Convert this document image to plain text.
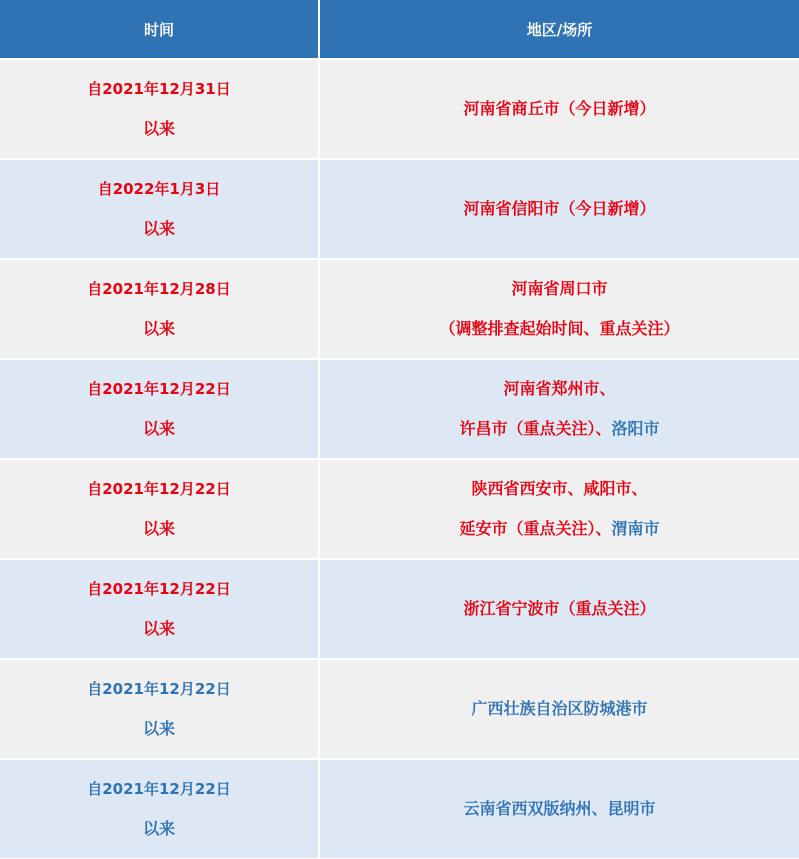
时间	地区/场所

自2021年12月31日
以来	河南省商丘市（今日新增）

自2022年1月3日
以来	河南省信阳市（今日新增）

自2021年12月28日
以来	河南省周口市
（调整排查起始时间、重点关注）

自2021年12月22日
以来	河南省郑州市、
许昌市（重点关注）、洛阳市

自2021年12月22日
以来	陕西省西安市、咸阳市、
延安市（重点关注）、渭南市

自2021年12月22日
以来	浙江省宁波市（重点关注）

自2021年12月22日
以来	广西壮族自治区防城港市

自2021年12月22日
以来	云南省西双版纳州、昆明市
